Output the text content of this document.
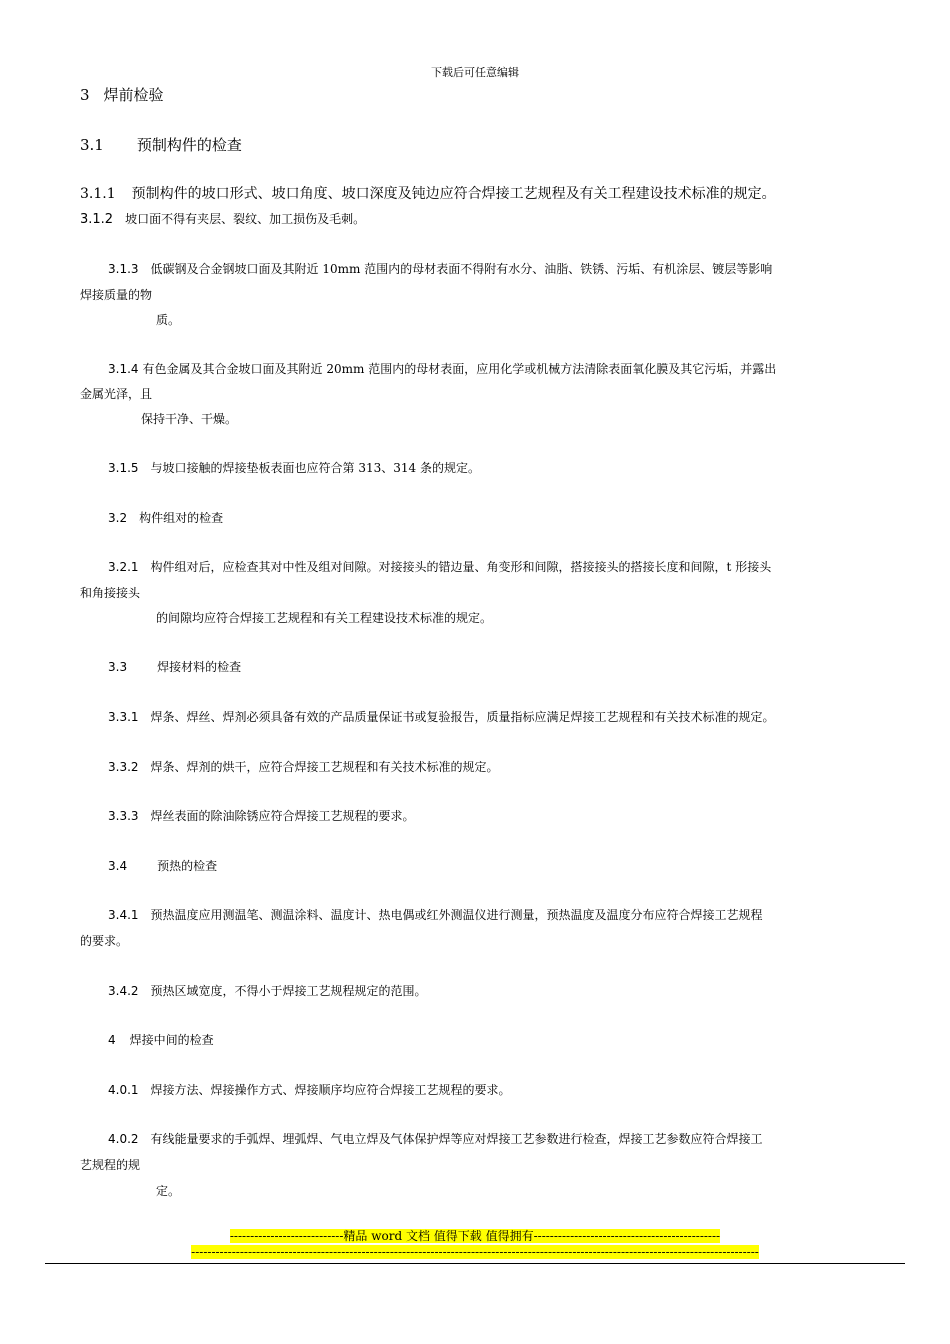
下载后可任意编辑
3 焊前检验
3.1 预制构件的检查
3.1.1 预制构件的坡口形式、坡口角度、坡口深度及钝边应符合焊接工艺规程及有关工程建设技术标准的规定。
3.1.2 坡口面不得有夹层、裂纹、加工损伤及毛刺。
3.1.3 低碳钢及合金钢坡口面及其附近 10mm 范围内的母材表面不得附有水分、油脂、铁锈、污垢、有机涂层、镀层等影响
焊接质量的物
质。
3.1.4 有色金属及其合金坡口面及其附近 20mm 范围内的母材表面，应用化学或机械方法清除表面氧化膜及其它污垢，并露出
金属光泽，且
保持干净、干燥。
3.1.5 与坡口接触的焊接垫板表面也应符合第 313、314 条的规定。
3.2 构件组对的检查
3.2.1 构件组对后，应检查其对中性及组对间隙。对接接头的错边量、角变形和间隙，搭接接头的搭接长度和间隙，t 形接头
和角接接头
的间隙均应符合焊接工艺规程和有关工程建设技术标准的规定。
3.3	焊接材料的检查
3.3.1 焊条、焊丝、焊剂必须具备有效的产品质量保证书或复验报告，质量指标应满足焊接工艺规程和有关技术标准的规定。
3.3.2 焊条、焊剂的烘干，应符合焊接工艺规程和有关技术标准的规定。
3.3.3 焊丝表面的除油除锈应符合焊接工艺规程的要求。
3.4	预热的检查
3.4.1 预热温度应用测温笔、测温涂料、温度计、热电偶或红外测温仪进行测量，预热温度及温度分布应符合焊接工艺规程
的要求。
3.4.2 预热区域宽度，不得小于焊接工艺规程规定的范围。
4 焊接中间的检查
4.0.1 焊接方法、焊接操作方式、焊接顺序均应符合焊接工艺规程的要求。
4.0.2 有线能量要求的手弧焊、埋弧焊、气电立焊及气体保护焊等应对焊接工艺参数进行检查，焊接工艺参数应符合焊接工
艺规程的规
定。
----------------------------精品 word 文档 值得下载 值得拥有----------------------------------------------
--------------------------------------------------------------------------------------------------------------------------------------------
